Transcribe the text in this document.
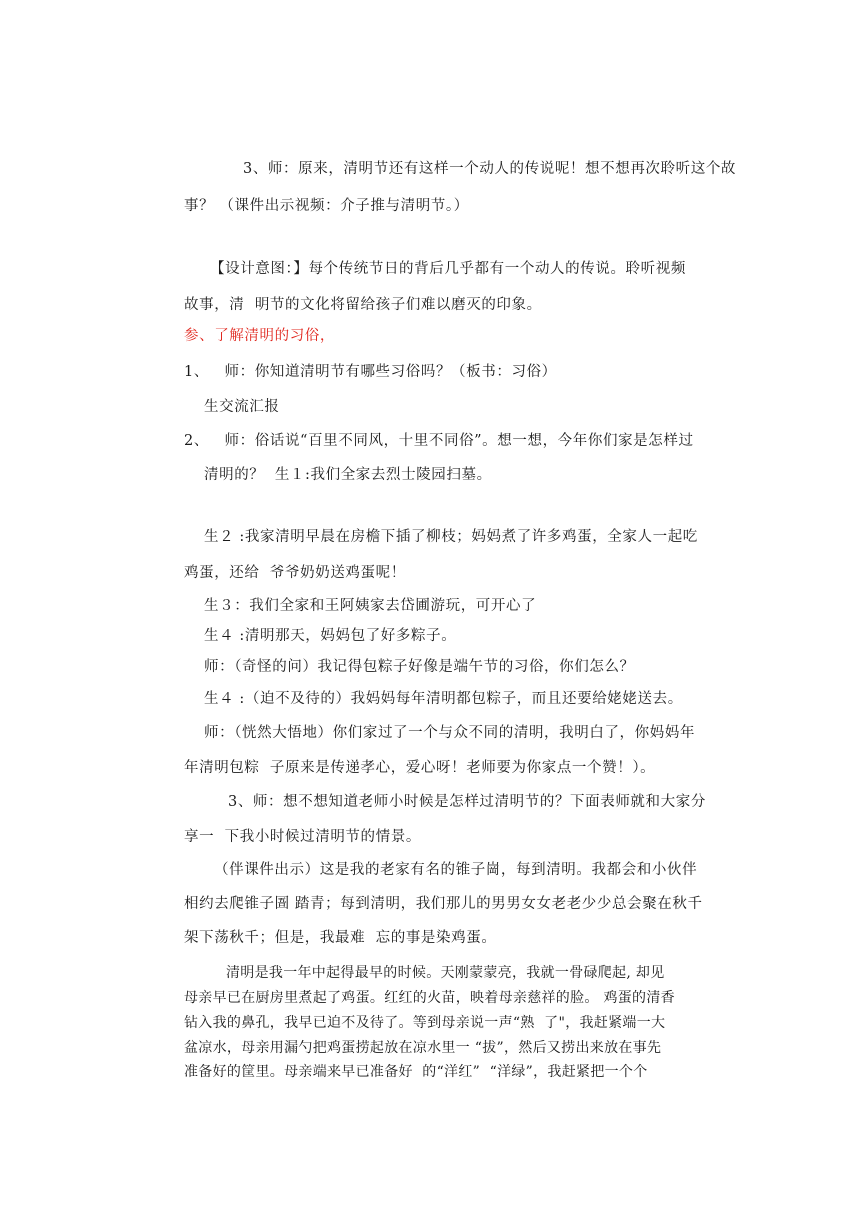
3、师：原来，清明节还有这样一个动人的传说呢！想不想再次聆听这个故
事？ （课件出示视频：介子推与清明节。）
【设计意图：】每个传统节日的背后几乎都有一个动人的传说。聆听视频
故事，清  明节的文化将留给孩子们难以磨灭的印象。
参、了解清明的习俗，
1、   师：你知道清明节有哪些习俗吗？（板书：习俗）
生交流汇报
2、   师：俗话说“百里不同风，十里不同俗”。想一想，今年你们家是怎样过
清明的？  生１:我们全家去烈士陵园扫墓。
生２ :我家清明早晨在房檐下插了柳枝；妈妈煮了许多鸡蛋，全家人一起吃
鸡蛋，还给  爷爷奶奶送鸡蛋呢！
生３：我们全家和王阿姨家去岱圃游玩，可开心了
生４ :清明那天，妈妈包了好多粽子。
师：（奇怪的问）我记得包粽子好像是端午节的习俗，你们怎么？
生４ :（迫不及待的）我妈妈每年清明都包粽子，而且还要给姥姥送去。
师：（恍然大悟地）你们家过了一个与众不同的清明，我明白了，你妈妈年
年清明包粽  子原来是传递孝心，爱心呀！老师要为你家点一个赞！）。
3、师：想不想知道老师小时候是怎样过清明节的？下面表师就和大家分
享一  下我小时候过清明节的情景。
（伴课件出示）这是我的老家有名的锥子崗，每到清明。我都会和小伙伴
相约去爬锥子圄 踏青；每到清明，我们那儿的男男女女老老少少总会聚在秋千
架下荡秋千；但是，我最难  忘的事是染鸡蛋。
清明是我一年中起得最早的时候。天刚蒙蒙亮，我就一骨碌爬起, 却见
母亲早已在厨房里煮起了鸡蛋。红红的火苗，映着母亲慈祥的脸。 鸡蛋的清香
钻入我的鼻孔，我早已迫不及待了。等到母亲说一声“熟  了"，我赶紧端一大
盆凉水，母亲用漏勺把鸡蛋捞起放在凉水里一 “拔”，然后又捞出来放在事先
准备好的筐里。母亲端来早已准备好  的“洋红”  “洋绿”，我赶紧把一个个
